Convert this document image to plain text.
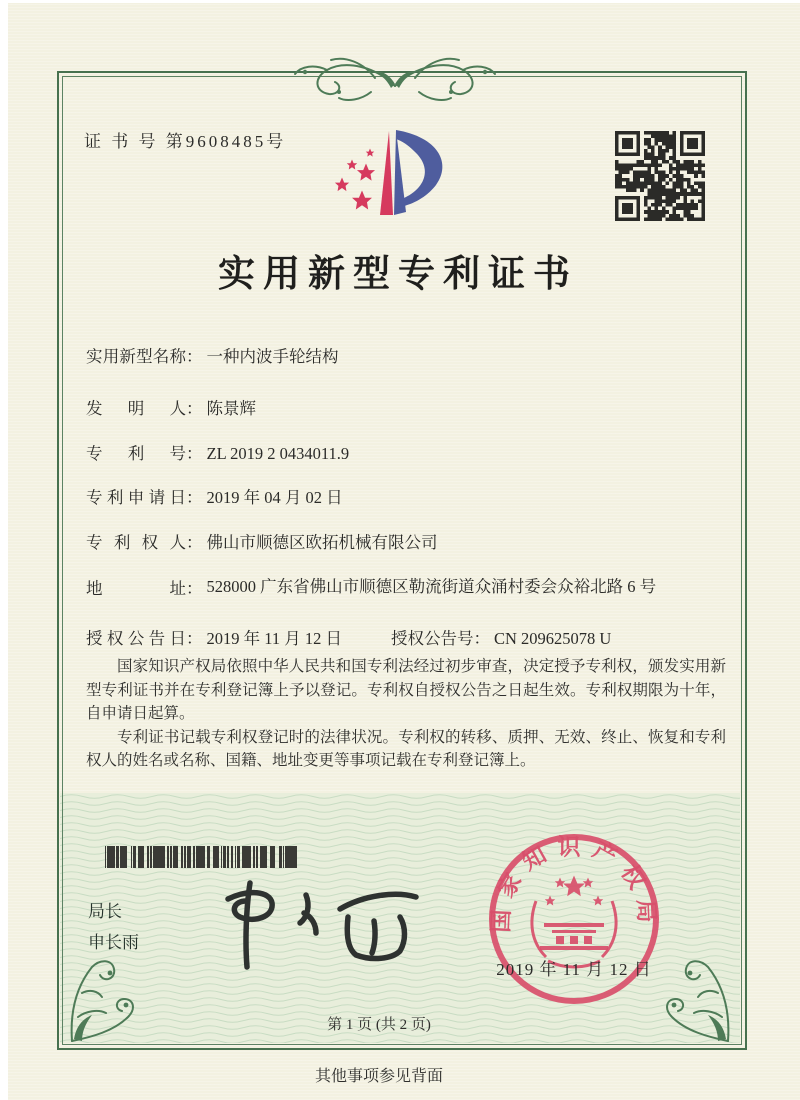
证 书 号 第9608485号
实用新型专利证书
实用新型名称： 一种内波手轮结构
发明人： 陈景辉
专利号： ZL 2019 2 0434011.9
专利申请日： 2019 年 04 月 02 日
专利权人： 佛山市顺德区欧拓机械有限公司
地址： 528000 广东省佛山市顺德区勒流街道众涌村委会众裕北路 6 号
授权公告日： 2019 年 11 月 12 日	授权公告号： CN 209625078 U

国家知识产权局依照中华人民共和国专利法经过初步审查，决定授予专利权，颁发实用新型专利证书并在专利登记簿上予以登记。专利权自授权公告之日起生效。专利权期限为十年，自申请日起算。

专利证书记载专利权登记时的法律状况。专利权的转移、质押、无效、终止、恢复和专利权人的姓名或名称、国籍、地址变更等事项记载在专利登记簿上。

局长
申长雨
国家知识产权局
2019 年 11 月 12 日
第 1 页 (共 2 页)
其他事项参见背面
